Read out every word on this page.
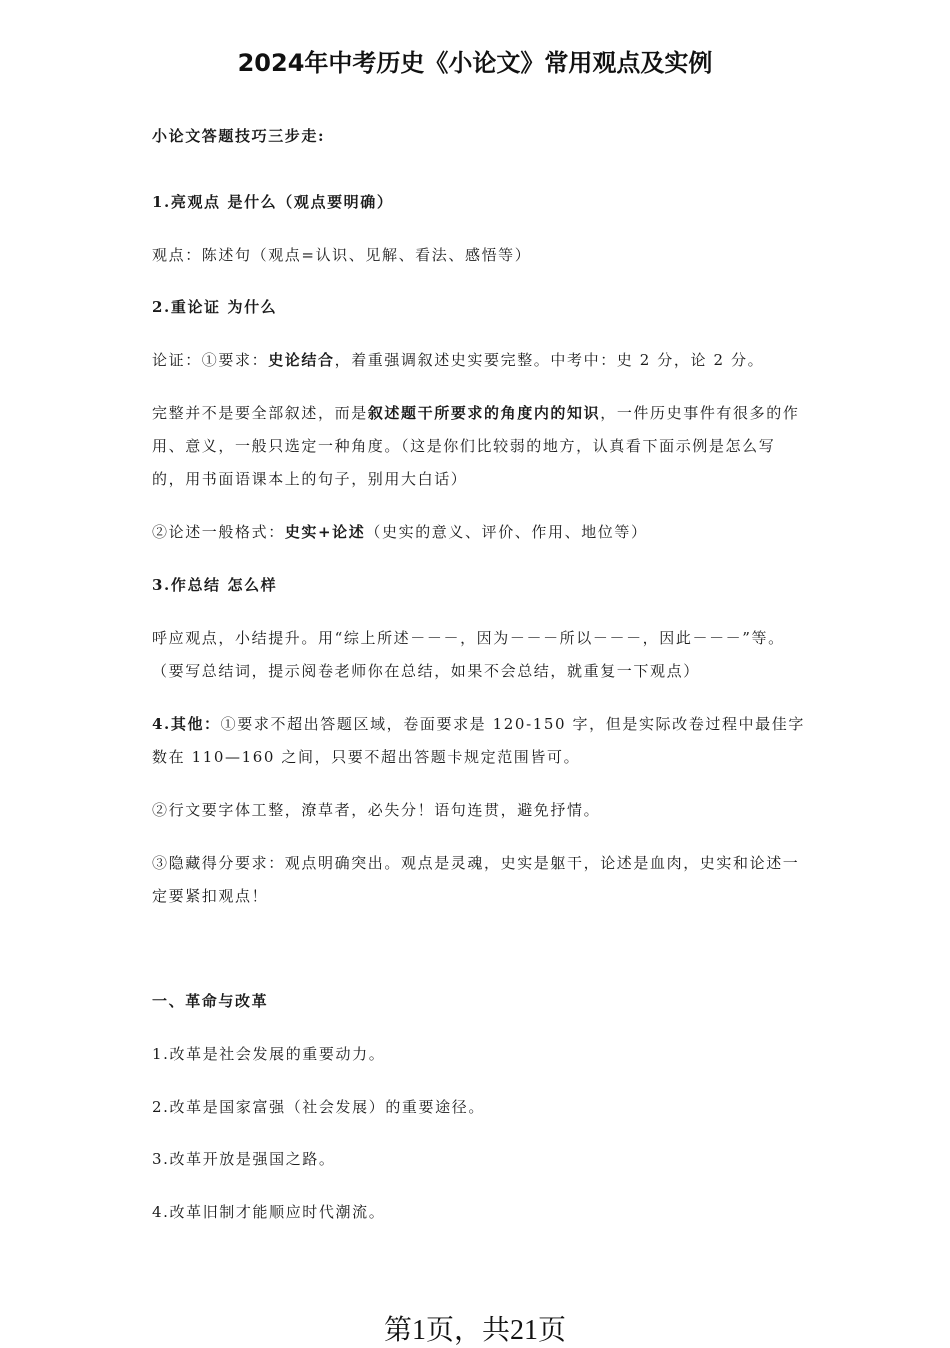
2024年中考历史《小论文》常用观点及实例

小论文答题技巧三步走:

1.亮观点 是什么（观点要明确）

观点：陈述句（观点=认识、见解、看法、感悟等）

2.重论证 为什么

论证：①要求：史论结合，着重强调叙述史实要完整。中考中：史 2 分，论 2 分。

完整并不是要全部叙述，而是叙述题干所要求的角度内的知识，一件历史事件有很多的作用、意义，一般只选定一种角度。（这是你们比较弱的地方，认真看下面示例是怎么写的，用书面语课本上的句子，别用大白话）

②论述一般格式：史实+论述（史实的意义、评价、作用、地位等）

3.作总结 怎么样

呼应观点，小结提升。用“综上所述－－－，因为－－－所以－－－，因此－－－”等。（要写总结词，提示阅卷老师你在总结，如果不会总结，就重复一下观点）

4.其他：①要求不超出答题区域，卷面要求是 120-150 字，但是实际改卷过程中最佳字数在 110—160 之间，只要不超出答题卡规定范围皆可。

②行文要字体工整，潦草者，必失分！语句连贯，避免抒情。

③隐藏得分要求：观点明确突出。观点是灵魂，史实是躯干，论述是血肉，史实和论述一定要紧扣观点！

一、革命与改革

1.改革是社会发展的重要动力。

2.改革是国家富强（社会发展）的重要途径。

3.改革开放是强国之路。

4.改革旧制才能顺应时代潮流。

第1页，共21页
